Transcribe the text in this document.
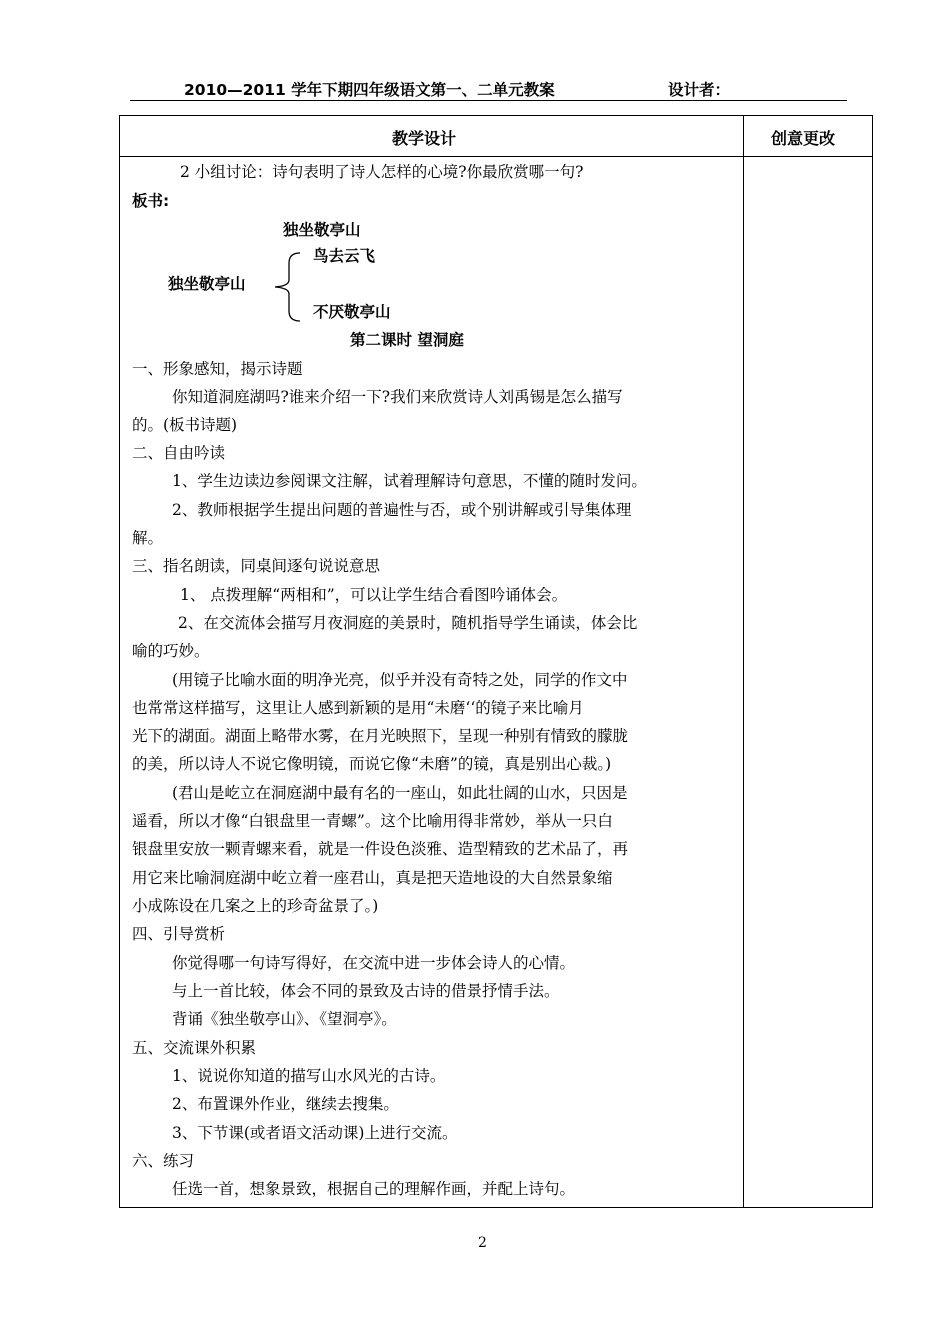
2010—2011 学年下期四年级语文第一、二单元教案	设计者：
教学设计	创意更改
2 小组讨论：诗句表明了诗人怎样的心境?你最欣赏哪一句?
板书:
独坐敬亭山
鸟去云飞
独坐敬亭山
不厌敬亭山
第二课时 望洞庭
一、形象感知，揭示诗题
你知道洞庭湖吗?谁来介绍一下?我们来欣赏诗人刘禹锡是怎么描写
的。(板书诗题)
二、自由吟读
1、学生边读边参阅课文注解，试着理解诗句意思，不懂的随时发问。
2、教师根据学生提出问题的普遍性与否，或个别讲解或引导集体理
解。
三、指名朗读，同桌间逐句说说意思
1、 点拨理解“两相和”，可以让学生结合看图吟诵体会。
2、在交流体会描写月夜洞庭的美景时，随机指导学生诵读，体会比
喻的巧妙。
(用镜子比喻水面的明净光亮，似乎并没有奇特之处，同学的作文中
也常常这样描写，这里让人感到新颖的是用“未磨‘‘的镜子来比喻月
光下的湖面。湖面上略带水雾，在月光映照下，呈现一种别有情致的朦胧
的美，所以诗人不说它像明镜，而说它像“未磨”的镜，真是别出心裁。)
(君山是屹立在洞庭湖中最有名的一座山，如此壮阔的山水，只因是
遥看，所以才像“白银盘里一青螺”。这个比喻用得非常妙，举从一只白
银盘里安放一颗青螺来看，就是一件设色淡雅、造型精致的艺术品了，再
用它来比喻洞庭湖中屹立着一座君山，真是把天造地设的大自然景象缩
小成陈设在几案之上的珍奇盆景了。)
四、引导赏析
你觉得哪一句诗写得好，在交流中进一步体会诗人的心情。
与上一首比较，体会不同的景致及古诗的借景抒情手法。
背诵《独坐敬亭山》、《望洞亭》。
五、交流课外积累
1、说说你知道的描写山水风光的古诗。
2、布置课外作业，继续去搜集。
3、下节课(或者语文活动课)上进行交流。
六、练习
任选一首，想象景致，根据自己的理解作画，并配上诗句。
2
